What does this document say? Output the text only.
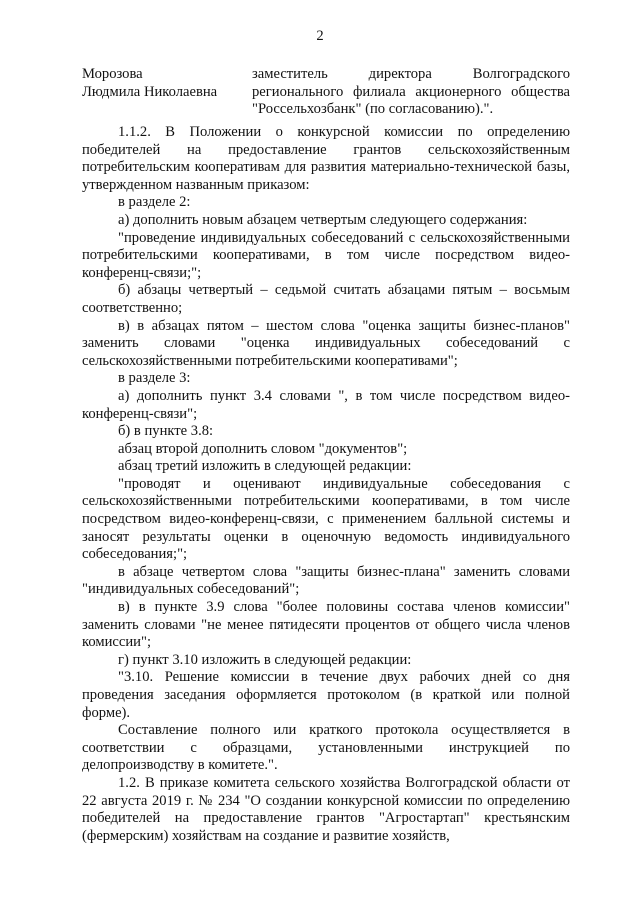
2
Морозова
Людмила Николаевна
заместитель директора Волгоградского регионального филиала акционерного общества "Россельхозбанк" (по согласованию).".

1.1.2. В Положении о конкурсной комиссии по определению победителей на предоставление грантов сельскохозяйственным потребительским кооперативам для развития материально-технической базы, утвержденном названным приказом:

в разделе 2:

а) дополнить новым абзацем четвертым следующего содержания:

"проведение индивидуальных собеседований с сельскохозяйственными потребительскими кооперативами, в том числе посредством видео-конференц-связи;";

б) абзацы четвертый – седьмой считать абзацами пятым – восьмым соответственно;

в) в абзацах пятом – шестом слова "оценка защиты бизнес-планов" заменить словами "оценка индивидуальных собеседований с сельскохозяйственными потребительскими кооперативами";

в разделе 3:

а) дополнить пункт 3.4 словами ", в том числе посредством видео-конференц-связи";

б) в пункте 3.8:

абзац второй дополнить словом "документов";

абзац третий изложить в следующей редакции:

"проводят и оценивают индивидуальные собеседования с сельскохозяйственными потребительскими кооперативами, в том числе посредством видео-конференц-связи, с применением балльной системы и заносят результаты оценки в оценочную ведомость индивидуального собеседования;";

в абзаце четвертом слова "защиты бизнес-плана" заменить словами "индивидуальных собеседований";

в) в пункте 3.9 слова "более половины состава членов комиссии" заменить словами "не менее пятидесяти процентов от общего числа членов комиссии";

г) пункт 3.10 изложить в следующей редакции:

"3.10. Решение комиссии в течение двух рабочих дней со дня проведения заседания оформляется протоколом (в краткой или полной форме).

Составление полного или краткого протокола осуществляется в соответствии с образцами, установленными инструкцией по делопроизводству в комитете.".

1.2. В приказе комитета сельского хозяйства Волгоградской области от 22 августа 2019 г. № 234 "О создании конкурсной комиссии по определению победителей на предоставление грантов "Агростартап" крестьянским (фермерским) хозяйствам на создание и развитие хозяйств,
